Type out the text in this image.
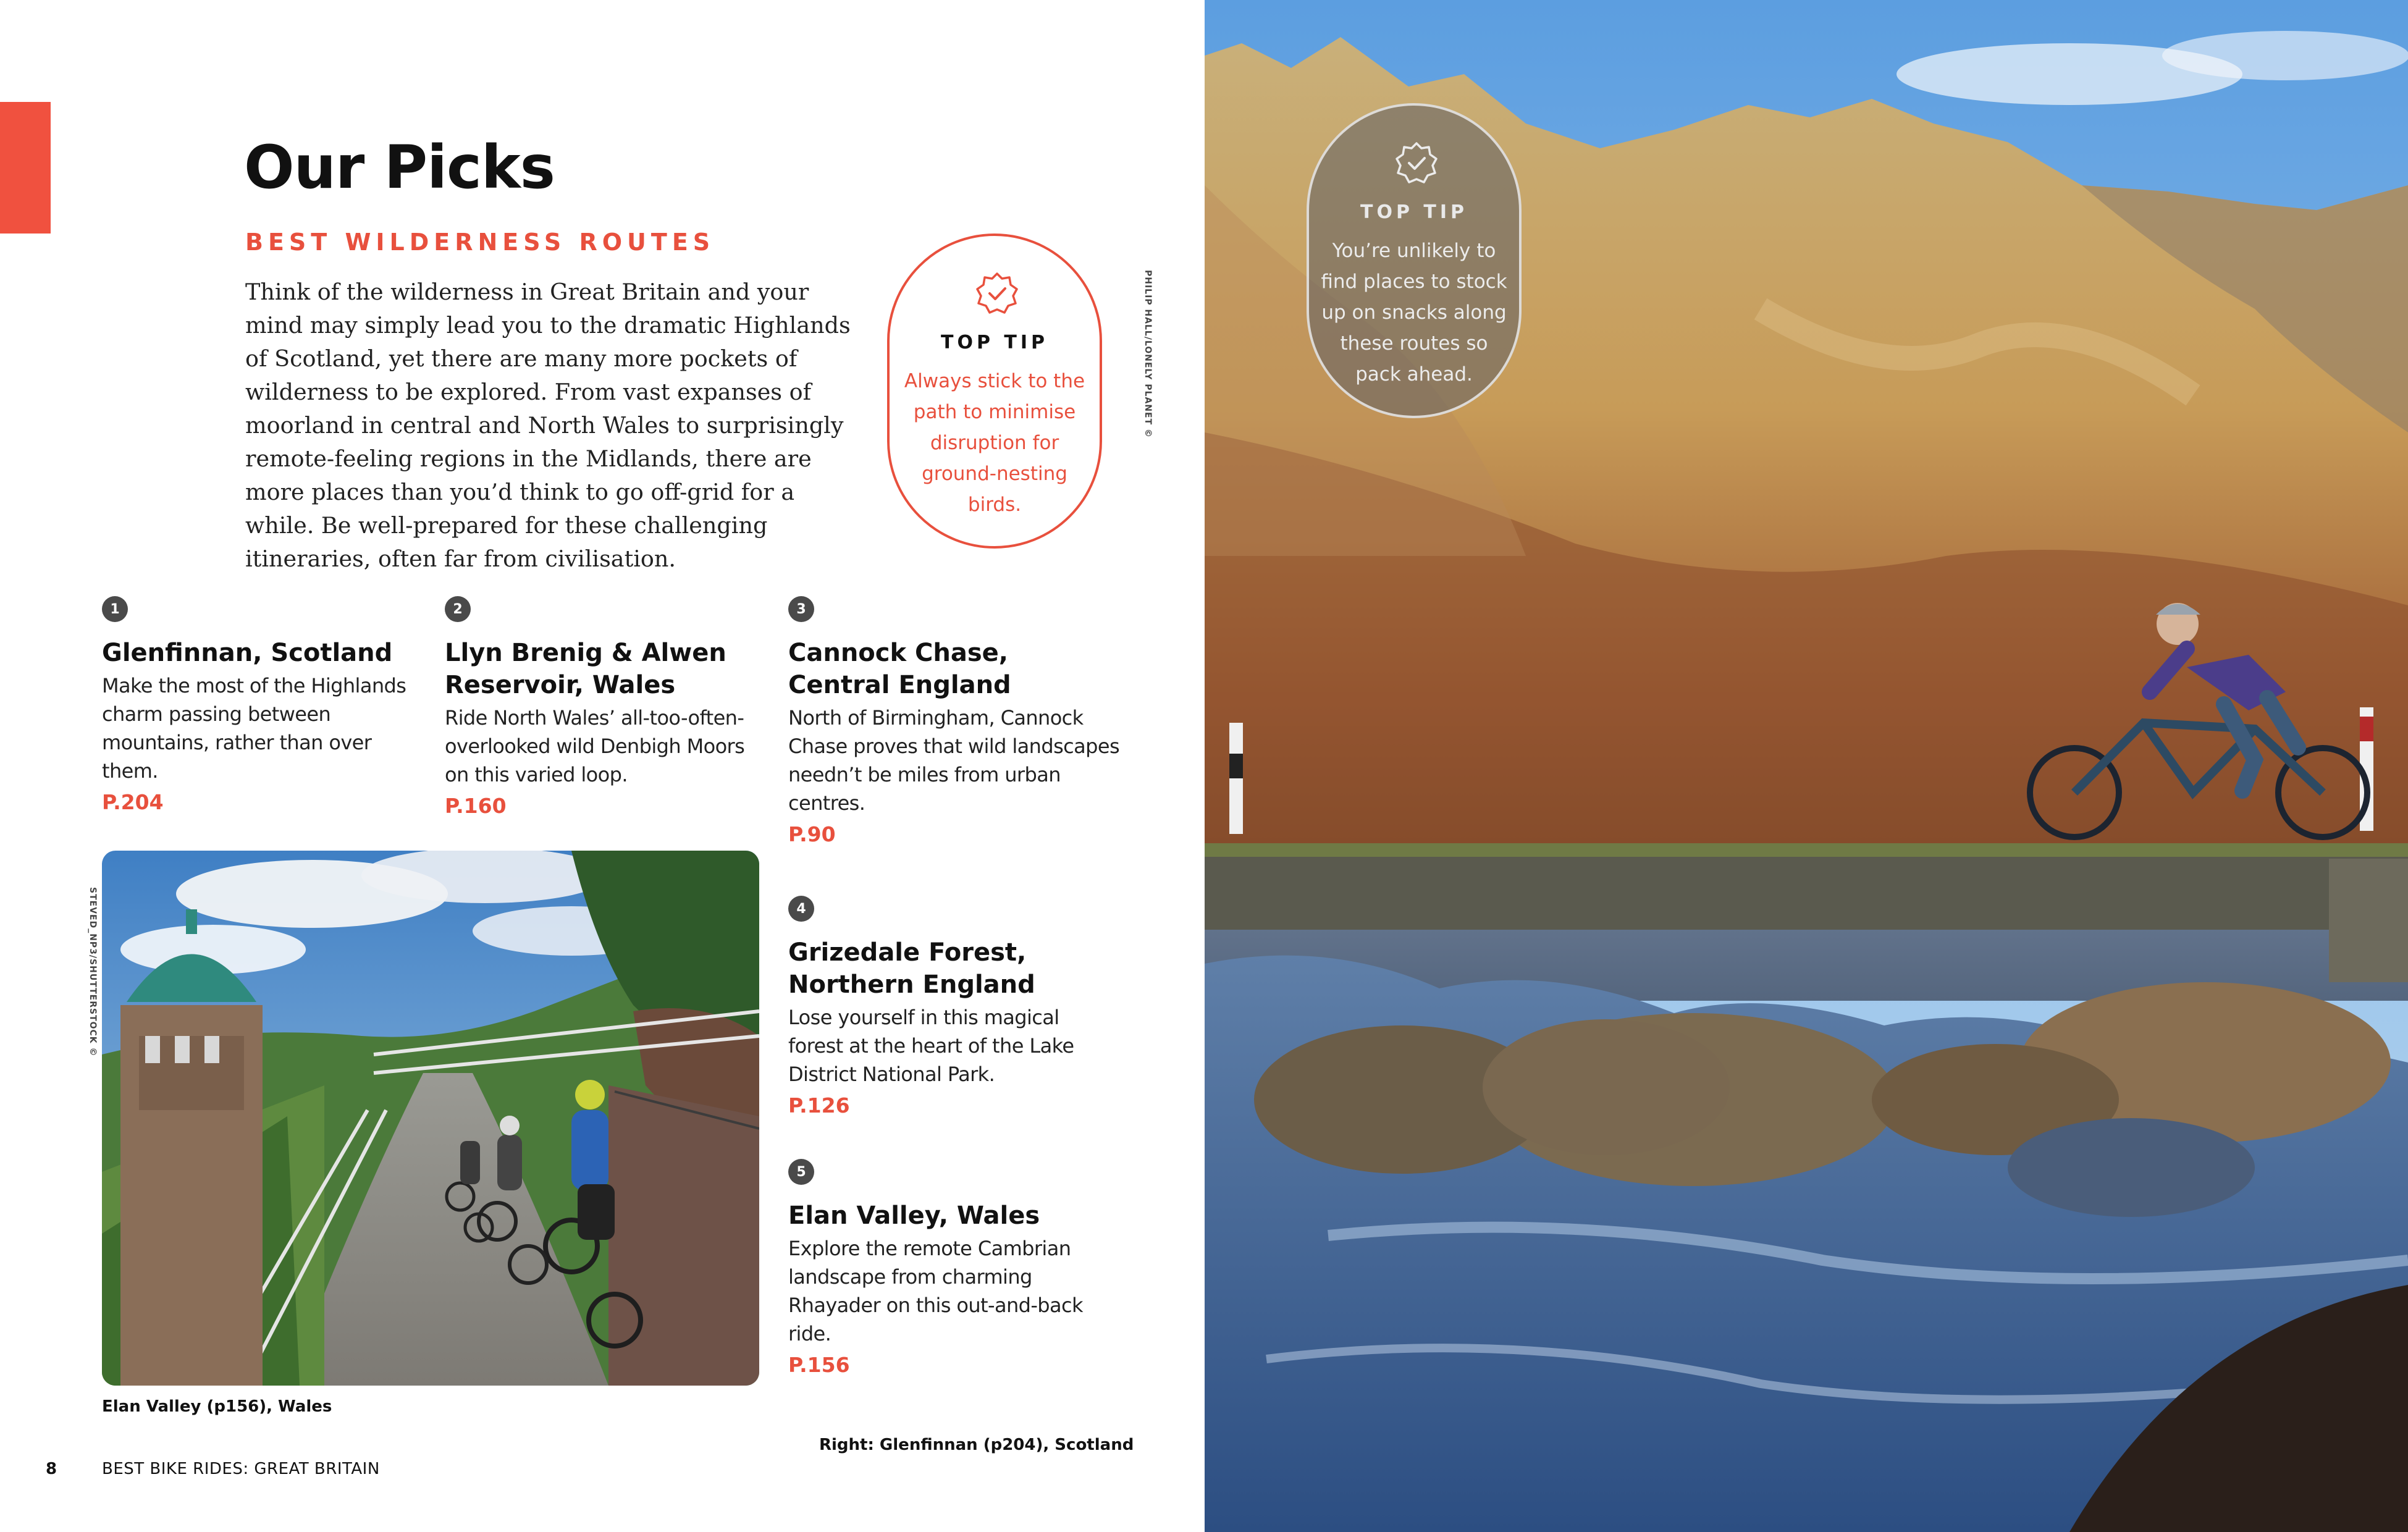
Our Picks
BEST WILDERNESS ROUTES

Think of the wilderness in Great Britain and your mind may simply lead you to the dramatic Highlands of Scotland, yet there are many more pockets of wilderness to be explored. From vast expanses of moorland in central and North Wales to surprisingly remote-feeling regions in the Midlands, there are more places than you’d think to go off-grid for a while. Be well-prepared for these challenging itineraries, often far from civilisation.

TOP TIP
Always stick to the path to minimise disruption for ground-nesting birds.
PHILIP HALL/LONELY PLANET ©
1
Glenfinnan, Scotland
Make the most of the Highlands charm passing between mountains, rather than over them.
P.204
2
Llyn Brenig & Alwen Reservoir, Wales
Ride North Wales’ all-too-often-overlooked wild Denbigh Moors on this varied loop.
P.160
3
Cannock Chase, Central England
North of Birmingham, Cannock Chase proves that wild landscapes needn’t be miles from urban centres.
P.90
4
Grizedale Forest, Northern England
Lose yourself in this magical forest at the heart of the Lake District National Park.
P.126
5
Elan Valley, Wales
Explore the remote Cambrian landscape from charming Rhayader on this out-and-back ride.
P.156
STEVED_NP3/SHUTTERSTOCK ©
Elan Valley (p156), Wales
Right: Glenfinnan (p204), Scotland
8	BEST BIKE RIDES: GREAT BRITAIN
TOP TIP
You’re unlikely to find places to stock up on snacks along these routes so pack ahead.
